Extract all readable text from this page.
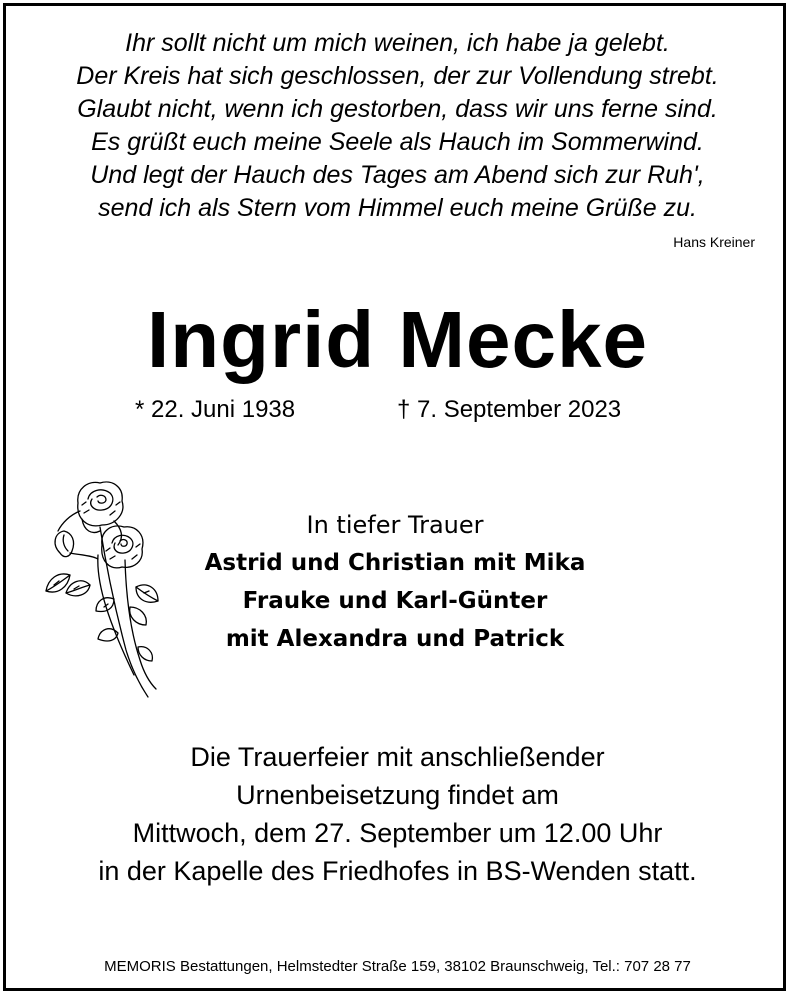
Ihr sollt nicht um mich weinen, ich habe ja gelebt.
Der Kreis hat sich geschlossen, der zur Vollendung strebt.
Glaubt nicht, wenn ich gestorben, dass wir uns ferne sind.
Es grüßt euch meine Seele als Hauch im Sommerwind.
Und legt der Hauch des Tages am Abend sich zur Ruh',
send ich als Stern vom Himmel euch meine Grüße zu.
Hans Kreiner
Ingrid Mecke
* 22. Juni 1938	† 7. September 2023
In tiefer Trauer
Astrid und Christian mit Mika
Frauke und Karl-Günter
mit Alexandra und Patrick
Die Trauerfeier mit anschließender
Urnenbeisetzung findet am
Mittwoch, dem 27. September um 12.00 Uhr
in der Kapelle des Friedhofes in BS-Wenden statt.
MEMORIS Bestattungen, Helmstedter Straße 159, 38102 Braunschweig, Tel.: 707 28 77
